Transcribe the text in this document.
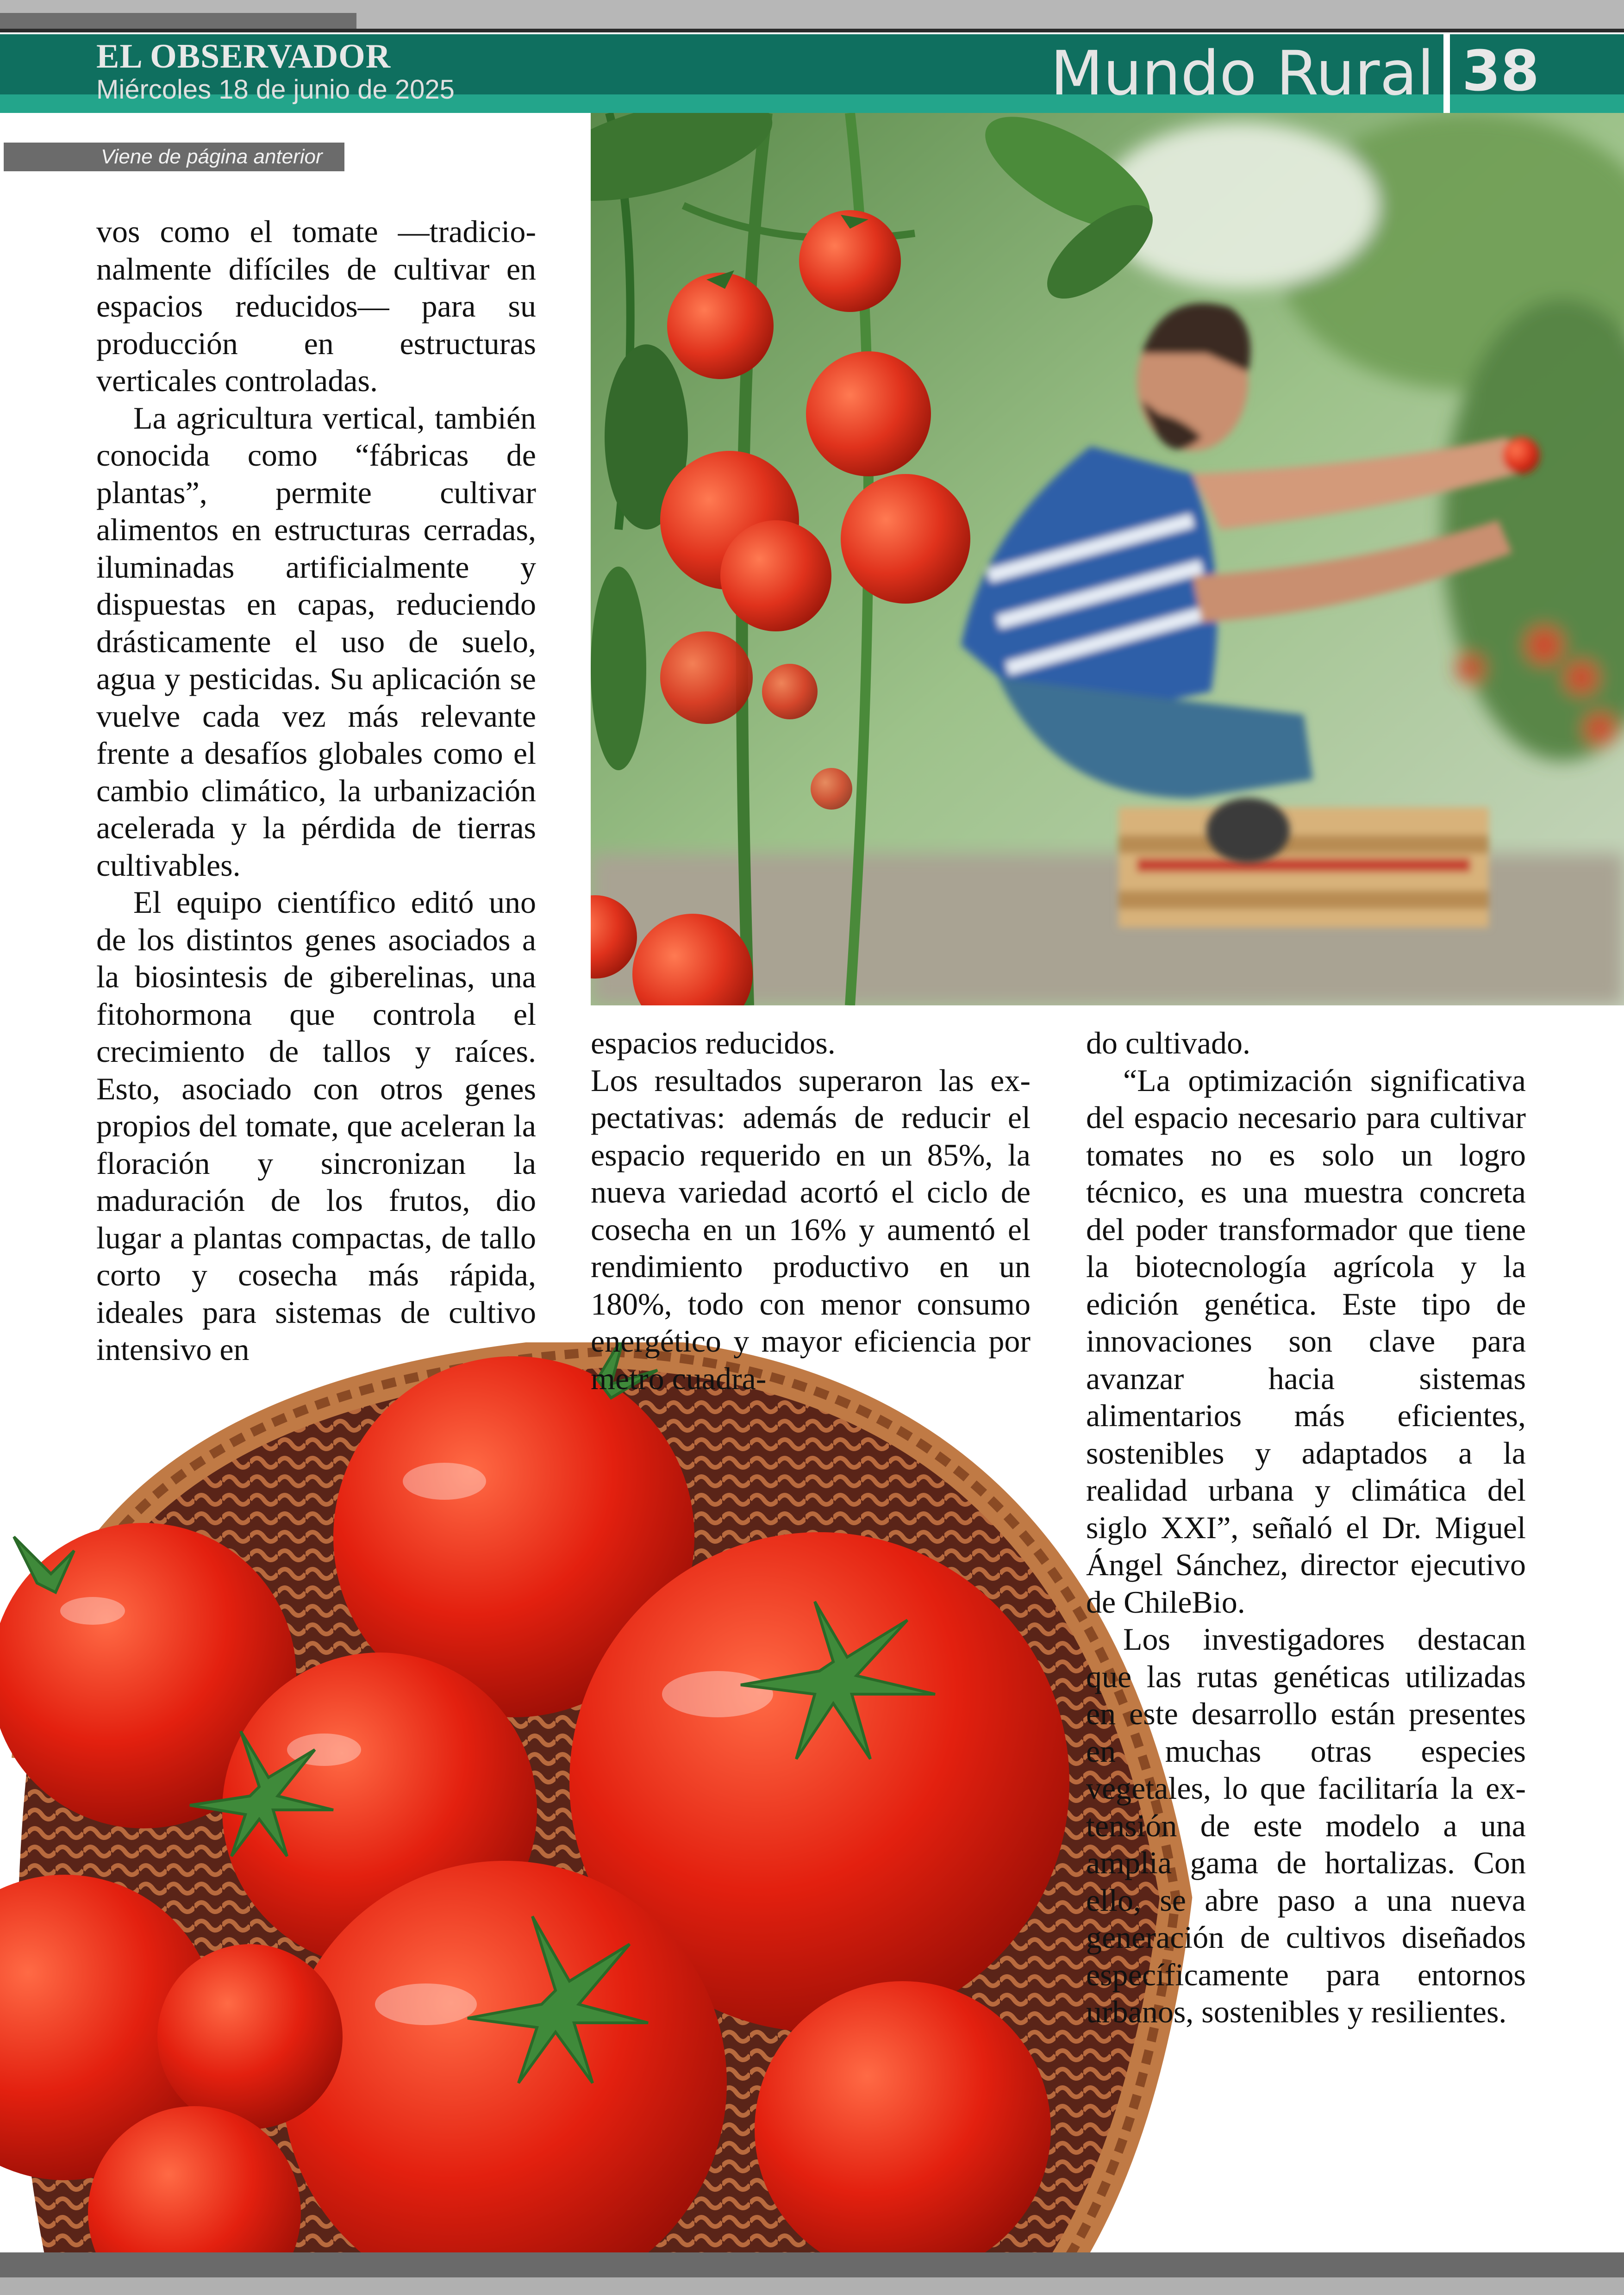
EL OBSERVADOR
Miércoles 18 de junio de 2025	Mundo Rural 38
Viene de página anterior

vos como el tomate —tradicionalmente difíciles de cultivar en espacios reducidos— para su producción en estructuras verticales controladas.

La agricultura vertical, también conocida como “fábricas de plantas”, permite cultivar alimentos en estructuras cerradas, iluminadas artificialmente y dispuestas en capas, reduciendo drásticamente el uso de suelo, agua y pesticidas. Su aplicación se vuelve cada vez más relevante frente a desafíos globales como el cambio climático, la urbanización acelerada y la pérdida de tierras cultivables.

El equipo científico editó uno de los distintos genes asociados a la biosintesis de giberelinas, una fitohormona que controla el crecimiento de tallos y raíces. Esto, asociado con otros genes propios del tomate, que aceleran la floración y sincronizan la maduración de los frutos, dio lugar a plantas compactas, de tallo corto y cosecha más rápida, ideales para sistemas de cultivo intensivo en

espacios reducidos.

Los resultados superaron las expectativas: además de reducir el espacio requerido en un 85%, la nueva variedad acortó el ciclo de cosecha en un 16% y aumentó el rendimiento productivo en un 180%, todo con menor consumo energético y mayor eficiencia por metro cuadra-

do cultivado.

“La optimización significativa del espacio necesario para cultivar tomates no es solo un logro técnico, es una muestra concreta del poder transformador que tiene la biotecnología agrícola y la edición genética. Este tipo de innovaciones son clave para avanzar hacia sistemas alimentarios más eficientes, sostenibles y adaptados a la realidad urbana y climática del siglo XXI”, señaló el Dr. Miguel Ángel Sánchez, director ejecutivo de ChileBio.

Los investigadores destacan que las rutas genéticas utilizadas en este desarrollo están presentes en muchas otras especies vegetales, lo que facilitaría la extensión de este modelo a una amplia gama de hortalizas. Con ello, se abre paso a una nueva generación de cultivos diseñados específicamente para entornos urbanos, sostenibles y resilientes.
